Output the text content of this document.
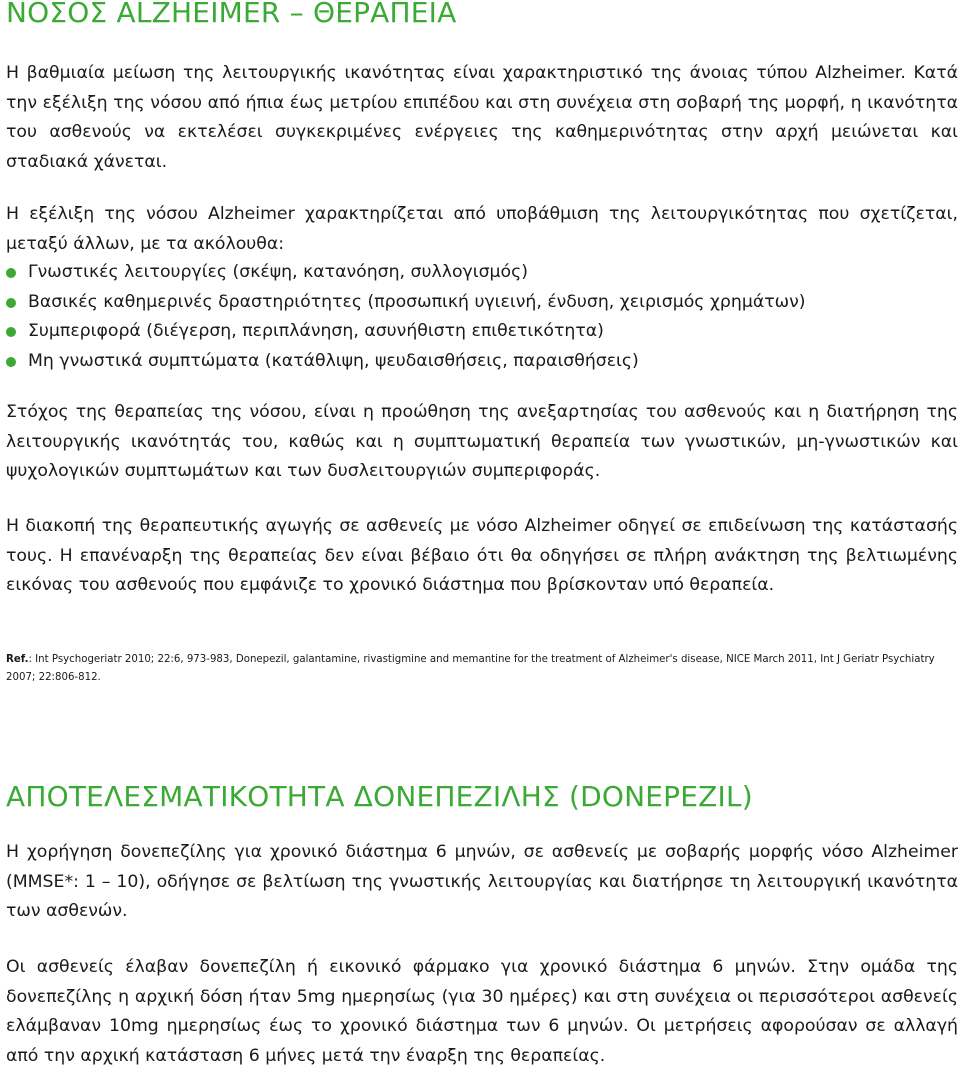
ΝΟΣΟΣ ALZHEIMER – ΘΕΡΑΠΕΙΑ

Η βαθμιαία μείωση της λειτουργικής ικανότητας είναι χαρακτηριστικό της άνοιας τύπου Alzheimer. Κατά την εξέλιξη της νόσου από ήπια έως μετρίου επιπέδου και στη συνέχεια στη σοβαρή της μορφή, η ικανότητα του ασθενούς να εκτελέσει συγκεκριμένες ενέργειες της καθημερινότητας στην αρχή μειώνεται και σταδιακά χάνεται.

Η εξέλιξη της νόσου Alzheimer χαρακτηρίζεται από υποβάθμιση της λειτουργικότητας που σχετίζεται, μεταξύ άλλων, με τα ακόλουθα:

Γνωστικές λειτουργίες (σκέψη, κατανόηση, συλλογισμός)
Βασικές καθημερινές δραστηριότητες (προσωπική υγιεινή, ένδυση, χειρισμός χρημάτων)
Συμπεριφορά (διέγερση, περιπλάνηση, ασυνήθιστη επιθετικότητα)
Μη γνωστικά συμπτώματα (κατάθλιψη, ψευδαισθήσεις, παραισθήσεις)

Στόχος της θεραπείας της νόσου, είναι η προώθηση της ανεξαρτησίας του ασθενούς και η διατήρηση της λειτουργικής ικανότητάς του, καθώς και η συμπτωματική θεραπεία των γνωστικών, μη-γνωστικών και ψυχολογικών συμπτωμάτων και των δυσλειτουργιών συμπεριφοράς.

Η διακοπή της θεραπευτικής αγωγής σε ασθενείς με νόσο Alzheimer οδηγεί σε επιδείνωση της κατάστασής τους. Η επανέναρξη της θεραπείας δεν είναι βέβαιο ότι θα οδηγήσει σε πλήρη ανάκτηση της βελτιωμένης εικόνας του ασθενούς που εμφάνιζε το χρονικό διάστημα που βρίσκονταν υπό θεραπεία.

Ref.: Int Psychogeriatr 2010; 22:6, 973-983, Donepezil, galantamine, rivastigmine and memantine for the treatment of Alzheimer's disease, NICE March 2011, Int J Geriatr Psychiatry 2007; 22:806-812.

ΑΠΟΤΕΛΕΣΜΑΤΙΚΟΤΗΤΑ ΔΟΝΕΠΕΖΙΛΗΣ (DONEPEZIL)

Η χορήγηση δονεπεζίλης για χρονικό διάστημα 6 μηνών, σε ασθενείς με σοβαρής μορφής νόσο Alzheimer (MMSE*: 1 – 10), οδήγησε σε βελτίωση της γνωστικής λειτουργίας και διατήρησε τη λειτουργική ικανότητα των ασθενών.

Οι ασθενείς έλαβαν δονεπεζίλη ή εικονικό φάρμακο για χρονικό διάστημα 6 μηνών. Στην ομάδα της δονεπεζίλης η αρχική δόση ήταν 5mg ημερησίως (για 30 ημέρες) και στη συνέχεια οι περισσότεροι ασθενείς ελάμβαναν 10mg ημερησίως έως το χρονικό διάστημα των 6 μηνών. Οι μετρήσεις αφορούσαν σε αλλαγή από την αρχική κατάσταση 6 μήνες μετά την έναρξη της θεραπείας.
